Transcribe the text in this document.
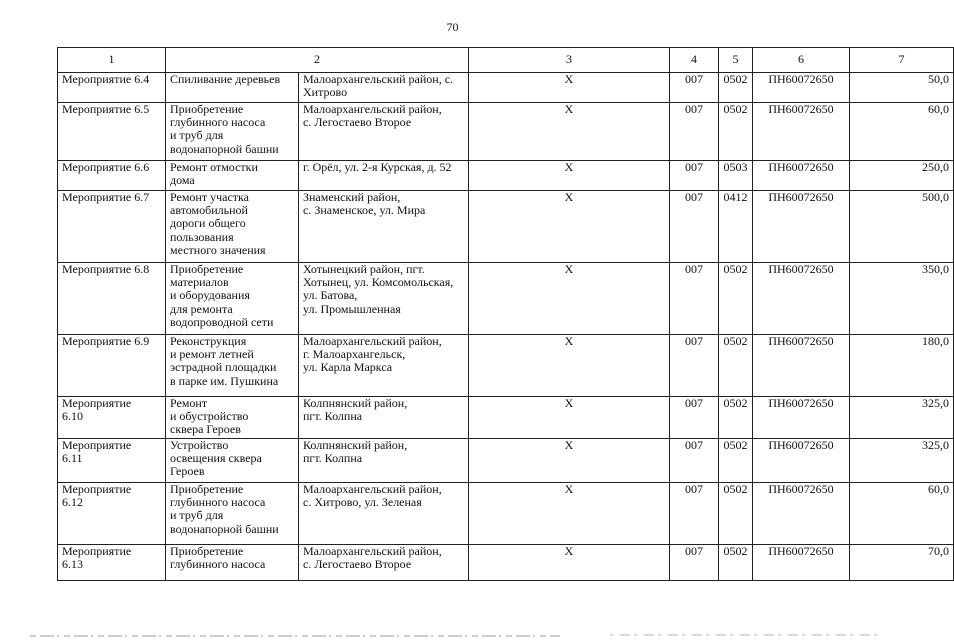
70
1	2		3	4	5	6	7

Мероприятие 6.4	Спиливание деревьев	Малоархангельский район, с.
Хитрово	Х	007	0502	ПН60072650	50,0

Мероприятие 6.5	Приобретение
глубинного насоса
и труб для
водонапорной башни	Малоархангельский район,
с. Легостаево Второе	Х	007	0502	ПН60072650	60,0

Мероприятие 6.6	Ремонт отмостки
дома	г. Орёл, ул. 2-я Курская, д. 52	Х	007	0503	ПН60072650	250,0

Мероприятие 6.7	Ремонт участка
автомобильной
дороги общего
пользования
местного значения	Знаменский район,
с. Знаменское, ул. Мира	Х	007	0412	ПН60072650	500,0

Мероприятие 6.8	Приобретение
материалов
и оборудования
для ремонта
водопроводной сети	Хотынецкий район, пгт.
Хотынец, ул. Комсомольская,
ул. Батова,
ул. Промышленная	Х	007	0502	ПН60072650	350,0

Мероприятие 6.9	Реконструкция
и ремонт летней
эстрадной площадки
в парке им. Пушкина	Малоархангельский район,
г. Малоархангельск,
ул. Карла Маркса	Х	007	0502	ПН60072650	180,0

Мероприятие
6.10	Ремонт
и обустройство
сквера Героев	Колпнянский район,
пгт. Колпна	Х	007	0502	ПН60072650	325,0

Мероприятие
6.11	Устройство
освещения сквера
Героев	Колпнянский район,
пгт. Колпна	Х	007	0502	ПН60072650	325,0

Мероприятие
6.12	Приобретение
глубинного насоса
и труб для
водонапорной башни	Малоархангельский район,
с. Хитрово, ул. Зеленая	Х	007	0502	ПН60072650	60,0

Мероприятие
6.13	Приобретение
глубинного насоса	Малоархангельский район,
с. Легостаево Второе	Х	007	0502	ПН60072650	70,0
